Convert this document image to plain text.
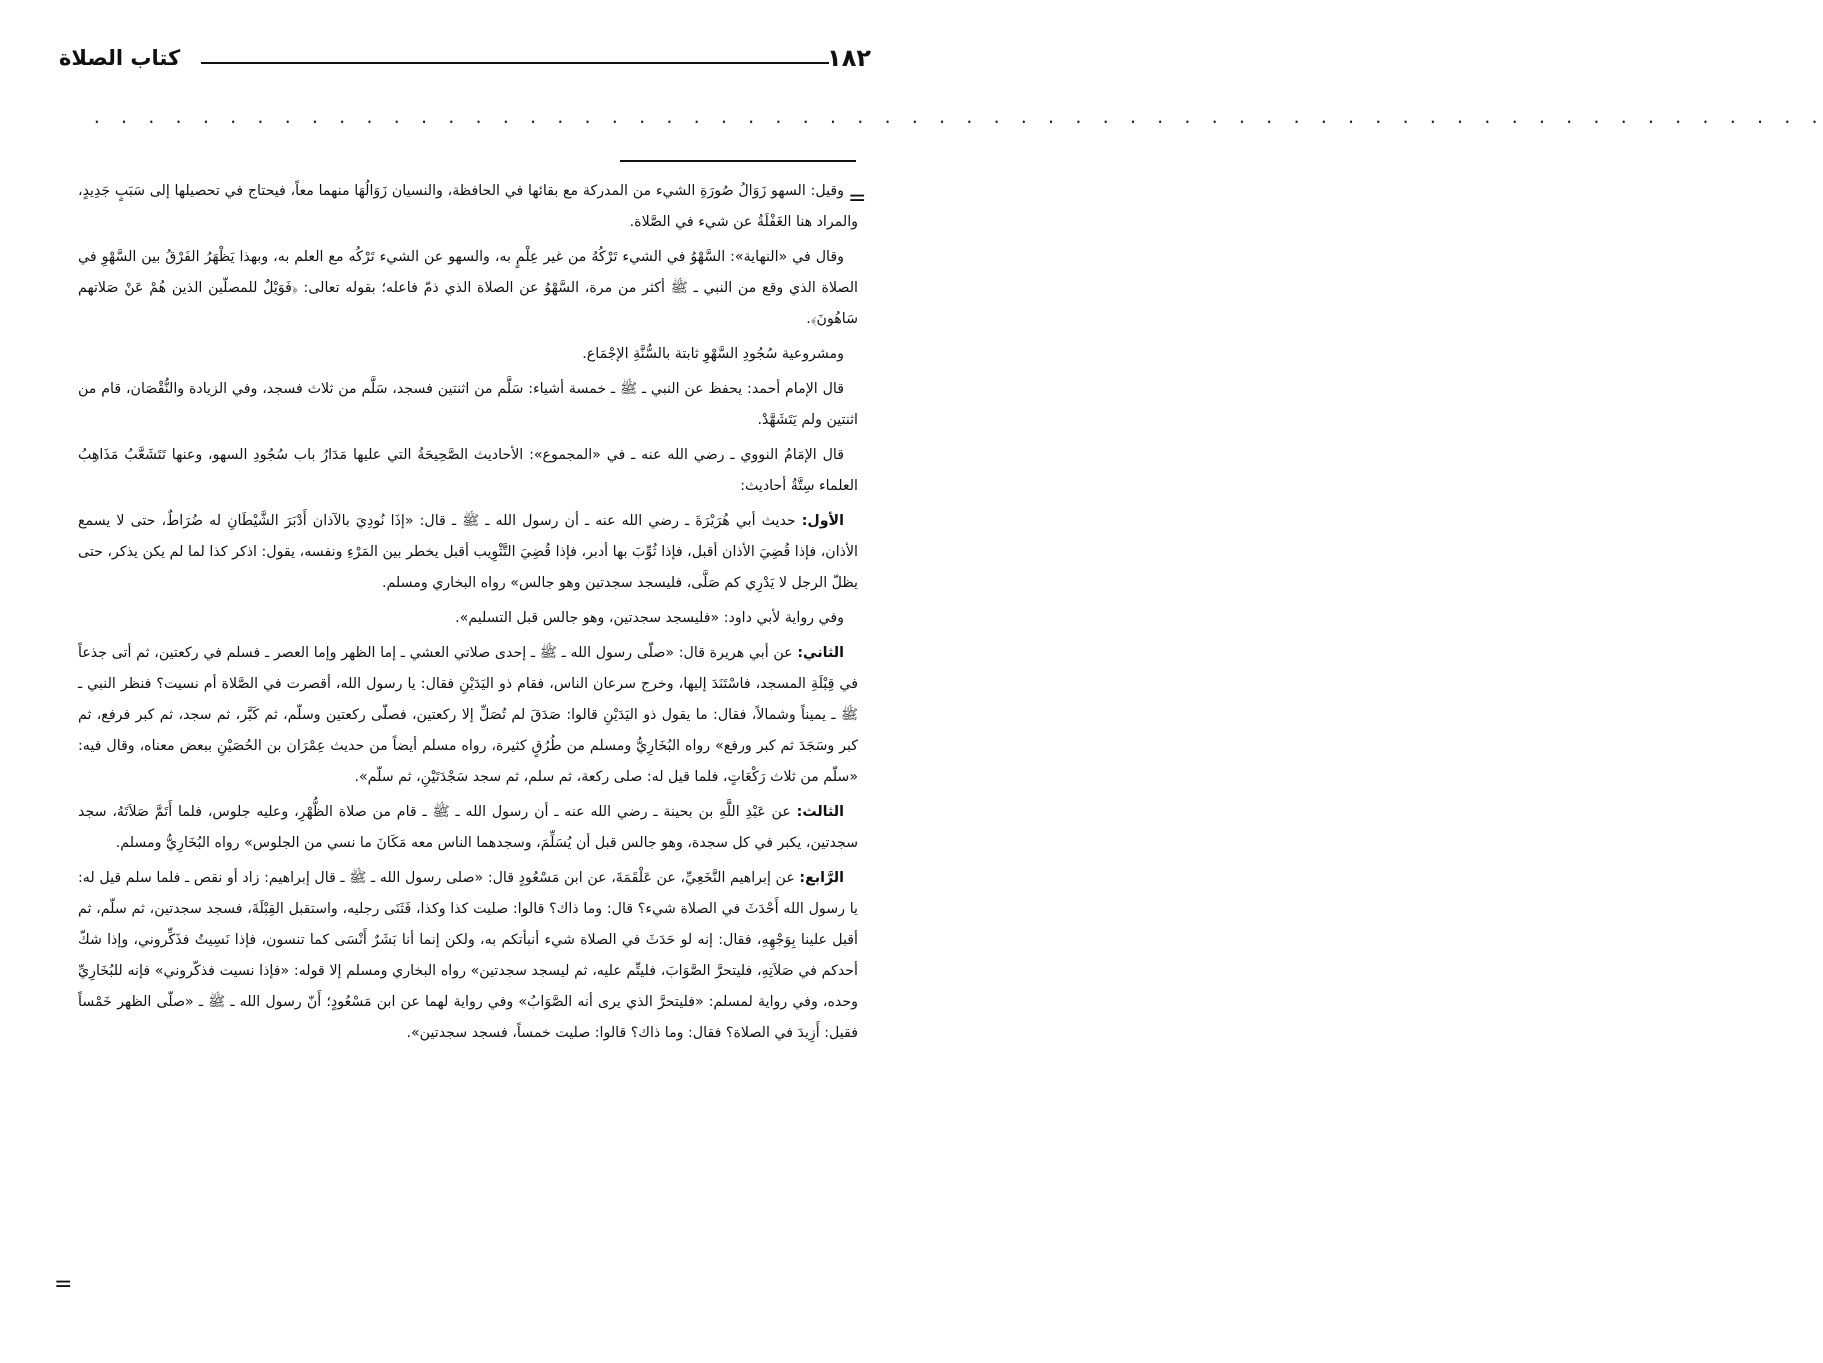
١٨٢
كتاب الصلاة
. . . . . . . . . . . . . . . . . . . . . . . . . . . . . . . . . . . . . . . . . . . . . . . . . . . . . . . . . . . . . . . .
=

وقيل: السهو زَوَالُ صُورَةِ الشيء من المدركة مع بقائها في الحافظة، والنسيان زَوَالُهَا منهما معاً، فيحتاج في تحصيلها إلى سَبَبٍ جَدِيدٍ، والمراد هنا الغَفْلَةُ عن شيء في الصَّلاة.

وقال في «النهاية»: السَّهْوُ في الشيء تَرْكُهُ من غير عِلْمٍ به، والسهو عن الشيء تَرْكُه مع العلم به، وبهذا يَظْهَرُ الفَرْقُ بين السَّهْوِ في الصلاة الذي وقع من النبي ـ ﷺ أكثر من مرة، السَّهْوُ عن الصلاة الذي ذمّ فاعله؛ بقوله تعالى: ﴿فَوَيْلٌ للمصلّين الذين هُمْ عَنْ صَلاتهم سَاهُونَ﴾.

ومشروعية سُجُودِ السَّهْوِ ثابتة بالسُّنَّةِ الإجْمَاع.

قال الإمام أحمد: يحفظ عن النبي ـ ﷺ ـ خمسة أشياء: سَلَّم من اثنتين فسجد، سَلَّم من ثلاث فسجد، وفي الزيادة والنُّقْصَان، قام من اثنتين ولم يَتَشَهَّدْ.

قال الإمَامُ النووي ـ رضي الله عنه ـ في «المجموع»: الأحاديث الصَّحِيحَةُ التي عليها مَدَارُ باب سُجُودِ السهو، وعنها تَتَشَعَّبُ مَذَاهِبُ العلماء سِتَّةُ أحاديث:

الأول: حديث أبي هُرَيْرَةَ ـ رضي الله عنه ـ أن رسول الله ـ ﷺ ـ قال: «إذَا نُودِيَ بالآذان أَدْبَرَ الشَّيْطَانِ له ضُرَاطٌ، حتى لا يسمع الأذان، فإذا قُضِيَ الأذان أقبل، فإذا ثُوِّبَ بها أدبر، فإذا قُضِيَ التَّثْوِيب أقبل يخطر بين المَرْءِ ونفسه، يقول: اذكر كذا لما لم يكن يذكر، حتى يظلّ الرجل لا يَدْرِي كم صَلَّى، فليسجد سجدتين وهو جالس» رواه البخاري ومسلم.

وفي رواية لأبي داود: «فليسجد سجدتين، وهو جالس قبل التسليم».

الثاني: عن أبي هريرة قال: «صلّى رسول الله ـ ﷺ ـ إحدى صلاتي العشي ـ إما الظهر وإما العصر ـ فسلم في ركعتين، ثم أتى جذعاً في قِبْلَةِ المسجد، فاسْتَنَدَ إليها، وخرج سرعان الناس، فقام ذو اليَدَيْنِ فقال: يا رسول الله، أقصرت في الصَّلاة أم نسيت؟ فنظر النبي ـ ﷺ ـ يميناً وشمالاً، فقال: ما يقول ذو اليَدَيْنِ قالوا: صَدَقَ لم تُصَلِّ إلا ركعتين، فصلّى ركعتين وسلّم، ثم كَبَّر، ثم سجد، ثم كبر فرفع، ثم كبر وسَجَدَ ثم كبر ورفع» رواه البُخَارِيُّ ومسلم من طُرُقٍ كثيرة، رواه مسلم أيضاً من حديث عِمْرَان بن الحُصَيْنِ ببعض معناه، وقال فيه: «سلّم من ثلاث رَكْعَاتٍ، فلما قيل له: صلى ركعة، ثم سلم، ثم سجد سَجْدَتَيْنِ، ثم سلّم».

الثالث: عن عَبْدِ اللَّهِ بن بحينة ـ رضي الله عنه ـ أن رسول الله ـ ﷺ ـ قام من صلاة الظُّهْرِ، وعليه جلوس، فلما أَتَمَّ صَلاَتَهُ، سجد سجدتين، يكبر في كل سجدة، وهو جالس قبل أن يُسَلِّمَ، وسجدهما الناس معه مَكَانَ ما نسي من الجلوس» رواه البُخَارِيُّ ومسلم.

الرَّابع: عن إبراهيم النَّخَعِيِّ، عن عَلْقَمَةَ، عن ابن مَسْعُودٍ قال: «صلى رسول الله ـ ﷺ ـ قال إبراهيم: زاد أو نقص ـ فلما سلم قيل له: يا رسول الله أَحْدَثَ في الصلاة شيء؟ قال: وما ذاك؟ قالوا: صليت كذا وكذا، فَثَنَى رجليه، واستقبل القِبْلَةَ، فسجد سجدتين، ثم سلّم، ثم أقبل علينا بِوَجْهِهِ، فقال: إنه لو حَدَثَ في الصلاة شيء أنبأتكم به، ولكن إنما أنا بَشَرٌ أَنْسَى كما تنسون، فإذا نَسِيتُ فذَكِّروني، وإذا شكّ أحدكم في صَلاَتِهِ، فليتحرَّ الصَّوَابَ، فليتِّم عليه، ثم ليسجد سجدتين» رواه البخاري ومسلم إلا قوله: «فإذا نسيت فذكّروني» فإنه للبُخَارِيِّ وحده، وفي رواية لمسلم: «فليتحرَّ الذي يرى أنه الصَّوَابُ» وفي رواية لهما عن ابن مَسْعُودٍ؛ أَنّ رسول الله ـ ﷺ ـ «صلّى الظهر خَمْساً فقيل: أَزِيدَ في الصلاة؟ فقال: وما ذاك؟ قالوا: صليت خمساً، فسجد سجدتين».

=
